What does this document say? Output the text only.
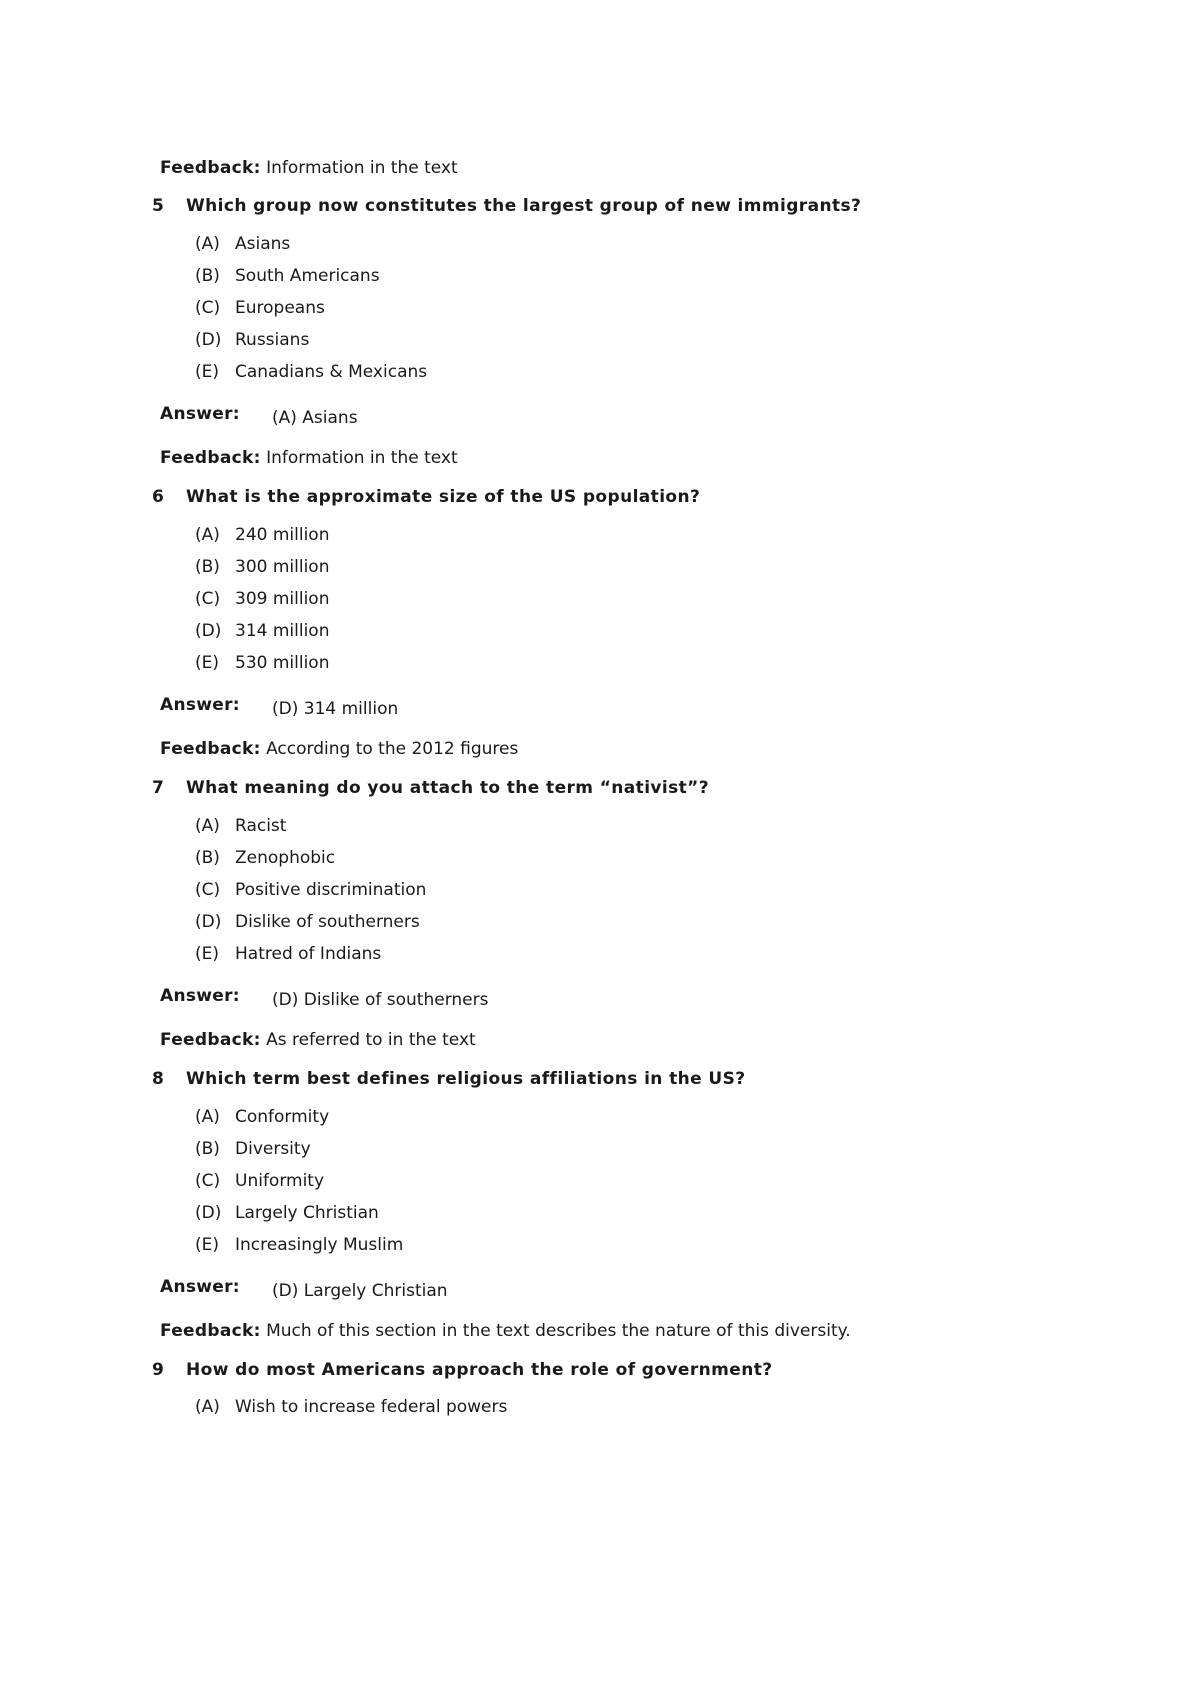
Feedback: Information in the text
5 Which group now constitutes the largest group of new immigrants?
(A) Asians
(B) South Americans
(C) Europeans
(D) Russians
(E) Canadians & Mexicans
Answer: (A) Asians
Feedback: Information in the text
6 What is the approximate size of the US population?
(A) 240 million
(B) 300 million
(C) 309 million
(D) 314 million
(E) 530 million
Answer: (D) 314 million
Feedback: According to the 2012 figures
7 What meaning do you attach to the term “nativist”?
(A) Racist
(B) Zenophobic
(C) Positive discrimination
(D) Dislike of southerners
(E) Hatred of Indians
Answer: (D) Dislike of southerners
Feedback: As referred to in the text
8 Which term best defines religious affiliations in the US?
(A) Conformity
(B) Diversity
(C) Uniformity
(D) Largely Christian
(E) Increasingly Muslim
Answer: (D) Largely Christian
Feedback: Much of this section in the text describes the nature of this diversity.
9 How do most Americans approach the role of government?
(A) Wish to increase federal powers
